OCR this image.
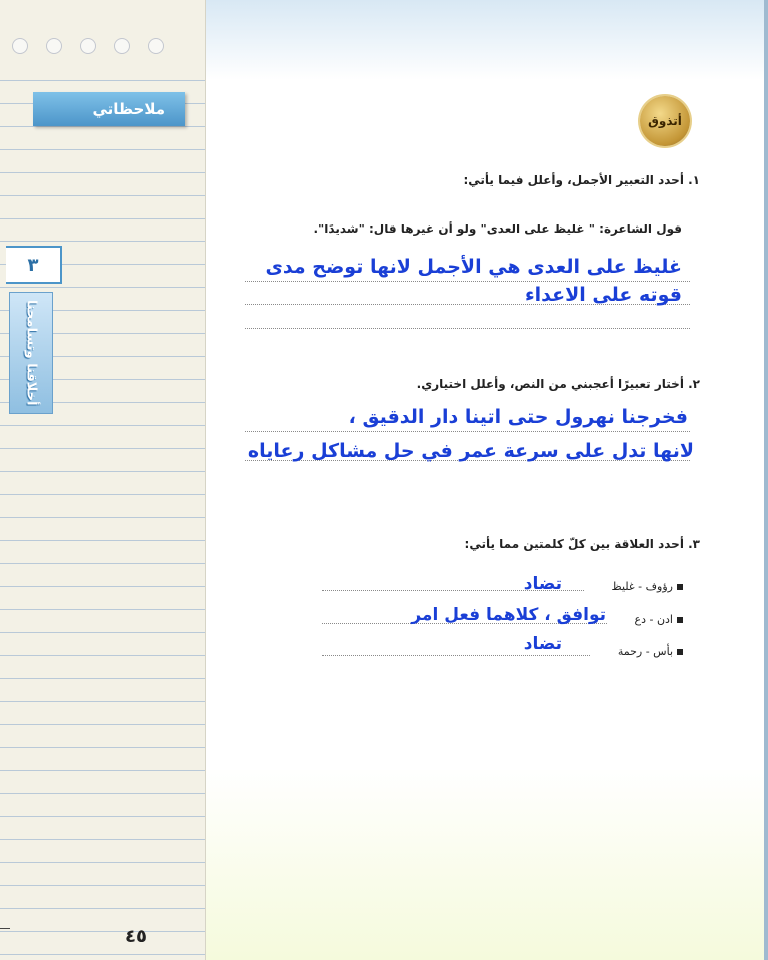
ملاحظاتي
٣
أخلاقنا وتسامحنا
٤٥
أتذوق
١. أحدد التعبير الأجمل، وأعلل فيما يأتي:
قول الشاعرة: " غليظ على العدى" ولو أن غيرها قال: "شديدًا".
غليظ على العدى هي الأجمل لانها توضح مدى
قوته على الاعداء
٢. أختار تعبيرًا أعجبني من النص، وأعلل اختياري.
فخرجنا نهرول حتى اتينا دار الدقيق ،
لانها تدل على سرعة عمر في حل مشاكل رعاياه
٣. أحدد العلاقة بين كلّ كلمتين مما يأتي:
رؤوف - غليظ
تضاد
ادن - دع
توافق ، كلاهما فعل امر
بأس - رحمة
تضاد
